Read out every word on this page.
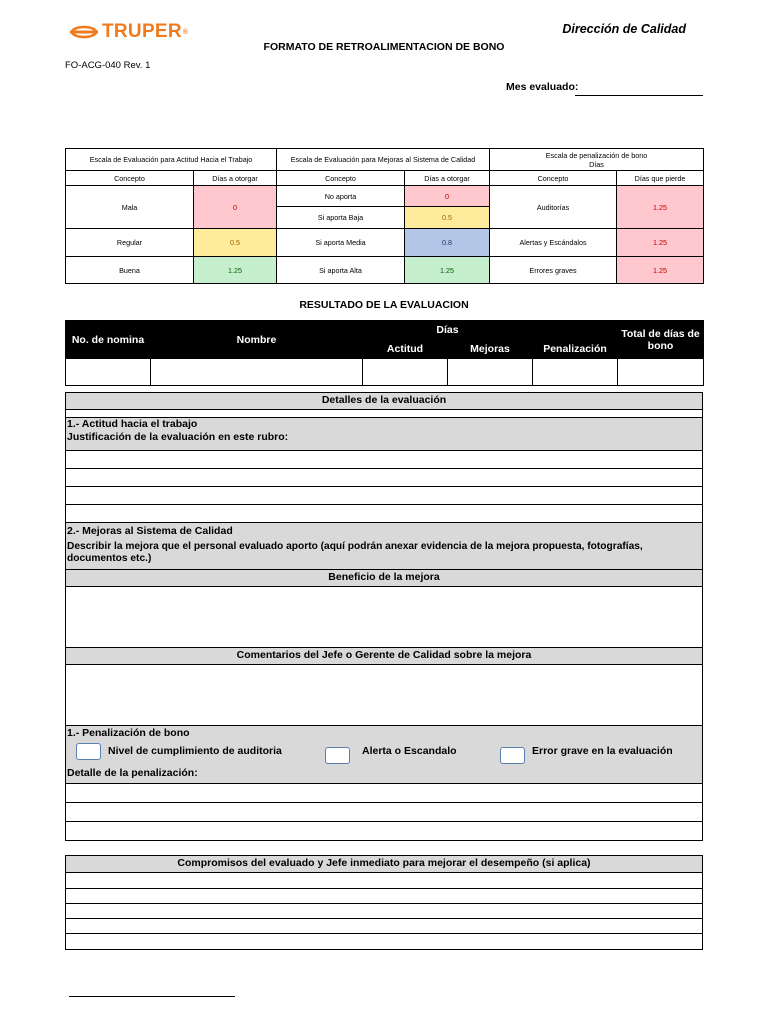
TRUPER ®	Dirección de Calidad
FORMATO DE RETROALIMENTACION DE BONO
FO-ACG-040 Rev. 1
Mes evaluado:
Escala de Evaluación para Actitud Hacia el Trabajo		Escala de Evaluación para Mejoras al Sistema de Calidad		Escala de penalización de bono
Días	

Concepto	Días a otorgar	Concepto	Días a otorgar	Concepto	Días que pierde
Mala	0	No aporta	0	Auditorías	1.25
		Si aporta Baja	0.5		
Regular	0.5	Si aporta Media	0.8	Alertas y Escándalos	1.25
Buena	1.25	Si aporta Alta	1.25	Errores graves	1.25
RESULTADO DE LA EVALUACION
No. de nomina	Nombre	Días			Total de días de
bono

		Actitud	Mejoras	Penalización	

Detalles de la evaluación
1.- Actitud hacia el trabajo
Justificación de la evaluación en este rubro:
2.- Mejoras al Sistema de Calidad
Describir la mejora que el personal evaluado aporto (aquí podrán anexar evidencia de la mejora propuesta, fotografías, documentos etc.)
Beneficio de la mejora
Comentarios del Jefe o Gerente de Calidad sobre la mejora
1.- Penalización de bono
Nivel de cumplimiento de auditoria	Alerta o Escandalo	Error grave en la evaluación
Detalle de la penalización:
Compromisos del evaluado y Jefe inmediato para mejorar el desempeño (si aplica)
